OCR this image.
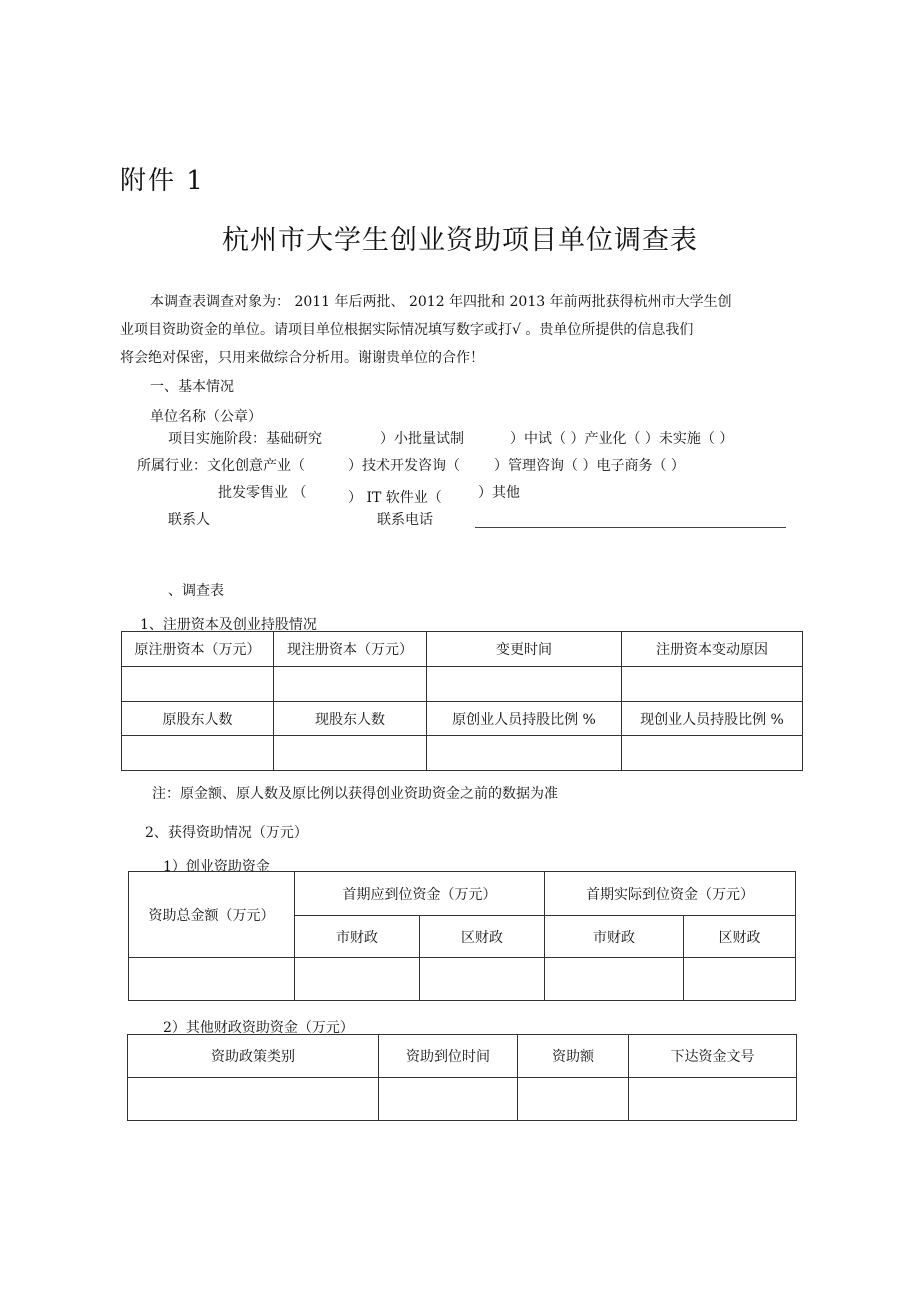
附件 1
杭州市大学生创业资助项目单位调查表

本调查表调查对象为： 2011 年后两批、 2012 年四批和 2013 年前两批获得杭州市大学生创

业项目资助资金的单位。请项目单位根据实际情况填写数字或打√ 。贵单位所提供的信息我们

将会绝对保密，只用来做综合分析用。谢谢贵单位的合作！

一、基本情况
单位名称（公章）
项目实施阶段：基础研究	）小批量试制	）中试（ ）产业化（ ）未实施（ ）
所属行业：文化创意产业（	）技术开发咨询（ ）管理咨询（ ）电子商务（ ）
批发零售业 （	） IT 软件业（	）其他
联系人	联系电话
、调查表
1、注册资本及创业持股情况
原注册资本（万元）	现注册资本（万元）	变更时间	注册资本变动原因

原股东人数	现股东人数	原创业人员持股比例 %	现创业人员持股比例 %

注：原金额、原人数及原比例以获得创业资助资金之前的数据为准
2、获得资助情况（万元）
1）创业资助资金
资助总金额（万元）	首期应到位资金（万元）		首期实际到位资金（万元）	
	市财政	区财政	市财政	区财政

2）其他财政资助资金（万元）
资助政策类别	资助到位时间	资助额	下达资金文号
